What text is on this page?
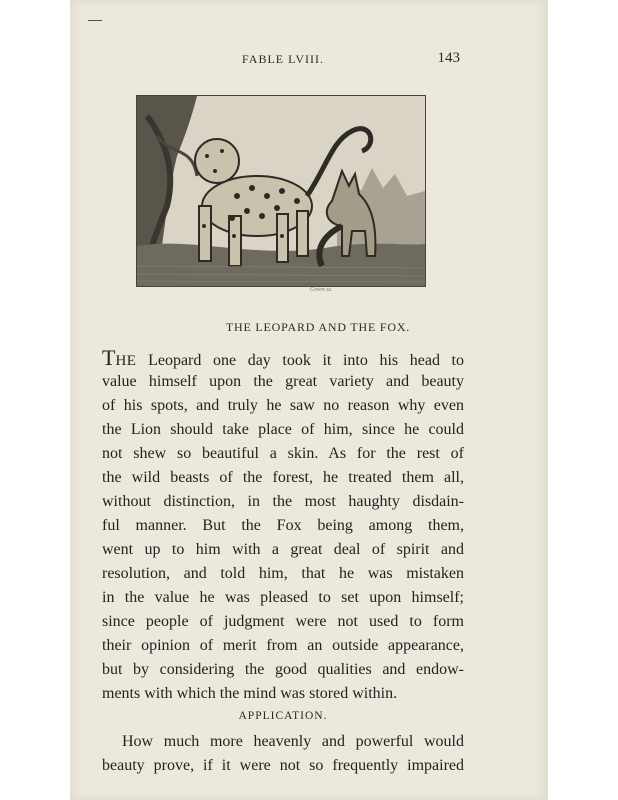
FABLE LVIII.	143
Green sc.
THE LEOPARD AND THE FOX.
THE Leopard one day took it into his head to
value himself upon the great variety and beauty
of his spots, and truly he saw no reason why even
the Lion should take place of him, since he could
not shew so beautiful a skin. As for the rest of
the wild beasts of the forest, he treated them all,
without distinction, in the most haughty disdain-
ful manner. But the Fox being among them,
went up to him with a great deal of spirit and
resolution, and told him, that he was mistaken
in the value he was pleased to set upon himself;
since people of judgment were not used to form
their opinion of merit from an outside appearance,
but by considering the good qualities and endow-
ments with which the mind was stored within.
APPLICATION.
How much more heavenly and powerful would
beauty prove, if it were not so frequently impaired
